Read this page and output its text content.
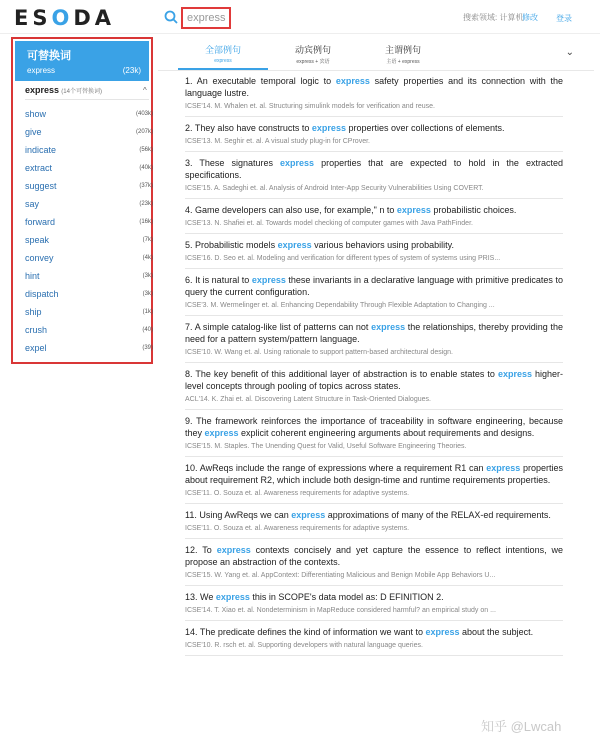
E S O DA	express	搜索领域: 计算机
修改 登录
可替换词
express	(23k)
express (14个可替换词)	^
show	(403k)
give	(207k)
indicate	(56k)
extract	(40k)
suggest	(37k)
say	(23k)
forward	(16k)
speak	(7k)
convey	(4k)
hint	(3k)
dispatch	(3k)
ship	(1k)
crush	(40)
expel	(39)
全部例句
express
动宾例句
express + 宾语
主谓例句
主语 + express
⌄
1. An executable temporal logic to express safety properties and its connection with the language lustre.
ICSE'14. M. Whalen et. al. Structuring simulink models for verification and reuse.
2. They also have constructs to express properties over collections of elements.
ICSE'13. M. Seghir et. al. A visual study plug-in for CProver.
3. These signatures express properties that are expected to hold in the extracted specifications.
ICSE'15. A. Sadeghi et. al. Analysis of Android Inter-App Security Vulnerabilities Using COVERT.
4. Game developers can also use, for example," n to express probabilistic choices.
ICSE'13. N. Shafiei et. al. Towards model checking of computer games with Java PathFinder.
5. Probabilistic models express various behaviors using probability.
ICSE'16. D. Seo et. al. Modeling and verification for different types of system of systems using PRIS...
6. It is natural to express these invariants in a declarative language with primitive predicates to query the current configuration.
ICSE'3. M. Wermelinger et. al. Enhancing Dependability Through Flexible Adaptation to Changing ...
7. A simple catalog-like list of patterns can not express the relationships, thereby providing the need for a pattern system/pattern language.
ICSE'10. W. Wang et. al. Using rationale to support pattern-based architectural design.
8. The key benefit of this additional layer of abstraction is to enable states to express higher-level concepts through pooling of topics across states.
ACL'14. K. Zhai et. al. Discovering Latent Structure in Task-Oriented Dialogues.
9. The framework reinforces the importance of traceability in software engineering, because they express explicit coherent engineering arguments about requirements and designs.
ICSE'15. M. Staples. The Unending Quest for Valid, Useful Software Engineering Theories.
10. AwReqs include the range of expressions where a requirement R1 can express properties about requirement R2, which include both design-time and runtime requirements properties.
ICSE'11. O. Souza et. al. Awareness requirements for adaptive systems.
11. Using AwReqs we can express approximations of many of the RELAX-ed requirements.
ICSE'11. O. Souza et. al. Awareness requirements for adaptive systems.
12. To express contexts concisely and yet capture the essence to reflect intentions, we propose an abstraction of the contexts.
ICSE'15. W. Yang et. al. AppContext: Differentiating Malicious and Benign Mobile App Behaviors U...
13. We express this in SCOPE's data model as: D EFINITION 2.
ICSE'14. T. Xiao et. al. Nondeterminism in MapReduce considered harmful? an empirical study on ...
14. The predicate defines the kind of information we want to express about the subject.
ICSE'10. R. rsch et. al. Supporting developers with natural language queries.
知乎 @Lwcah
